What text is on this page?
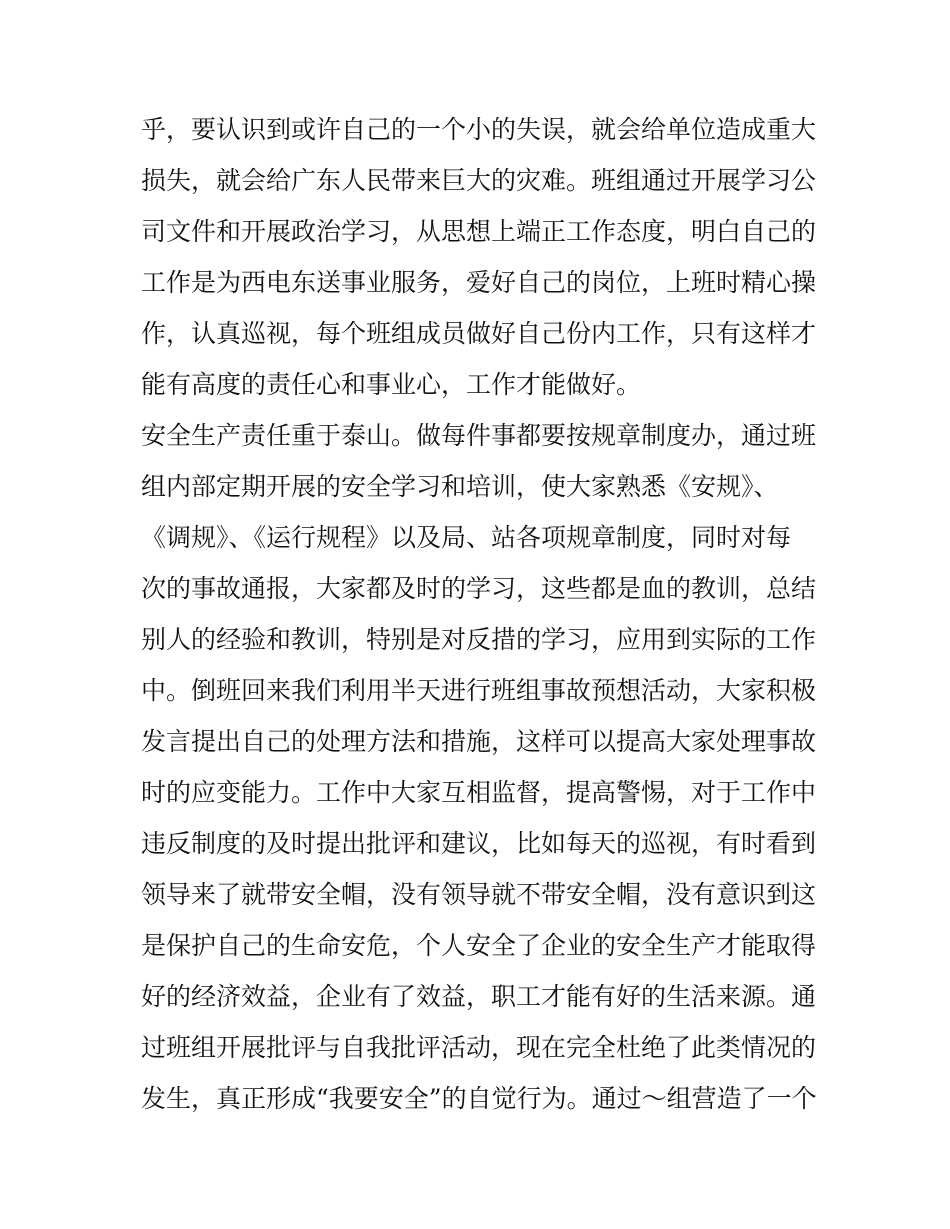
乎，要认识到或许自己的一个小的失误，就会给单位造成重大
损失，就会给广东人民带来巨大的灾难。班组通过开展学习公
司文件和开展政治学习，从思想上端正工作态度，明白自己的
工作是为西电东送事业服务，爱好自己的岗位，上班时精心操
作，认真巡视，每个班组成员做好自己份内工作，只有这样才
能有高度的责任心和事业心，工作才能做好。
安全生产责任重于泰山。做每件事都要按规章制度办，通过班
组内部定期开展的安全学习和培训，使大家熟悉《安规》、
《调规》、《运行规程》以及局、站各项规章制度，同时对每
次的事故通报，大家都及时的学习，这些都是血的教训，总结
别人的经验和教训，特别是对反措的学习，应用到实际的工作
中。倒班回来我们利用半天进行班组事故预想活动，大家积极
发言提出自己的处理方法和措施，这样可以提高大家处理事故
时的应变能力。工作中大家互相监督，提高警惕，对于工作中
违反制度的及时提出批评和建议，比如每天的巡视，有时看到
领导来了就带安全帽，没有领导就不带安全帽，没有意识到这
是保护自己的生命安危，个人安全了企业的安全生产才能取得
好的经济效益，企业有了效益，职工才能有好的生活来源。通
过班组开展批评与自我批评活动，现在完全杜绝了此类情况的
发生，真正形成“我要安全”的自觉行为。通过～组营造了一个
